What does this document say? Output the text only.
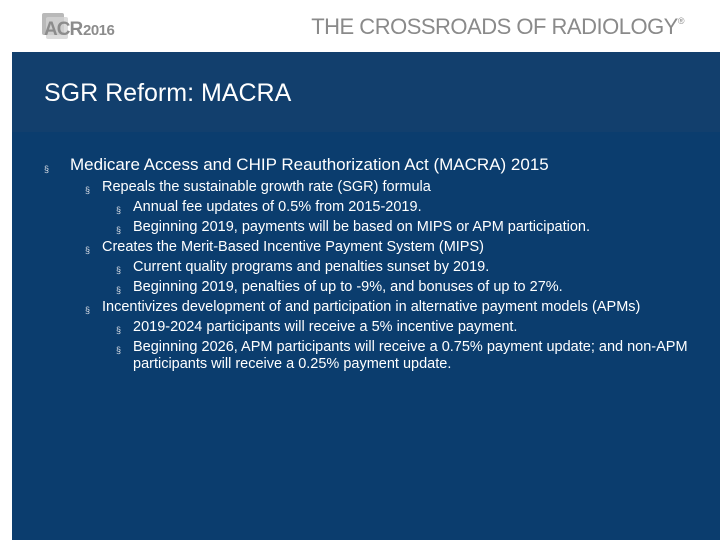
ACR 2016	THE CROSSROADS OF RADIOLOGY®
SGR Reform: MACRA
§ Medicare Access and CHIP Reauthorization Act (MACRA) 2015
§ Repeals the sustainable growth rate (SGR) formula
§ Annual fee updates of 0.5% from 2015-2019.
§ Beginning 2019, payments will be based on MIPS or APM participation.
§ Creates the Merit-Based Incentive Payment System (MIPS)
§ Current quality programs and penalties sunset by 2019.
§ Beginning 2019, penalties of up to -9%, and bonuses of up to 27%.
§ Incentivizes development of and participation in alternative payment models (APMs)
§ 2019-2024 participants will receive a 5% incentive payment.
§ Beginning 2026, APM participants will receive a 0.75% payment update; and non-APM participants will receive a 0.25% payment update.
